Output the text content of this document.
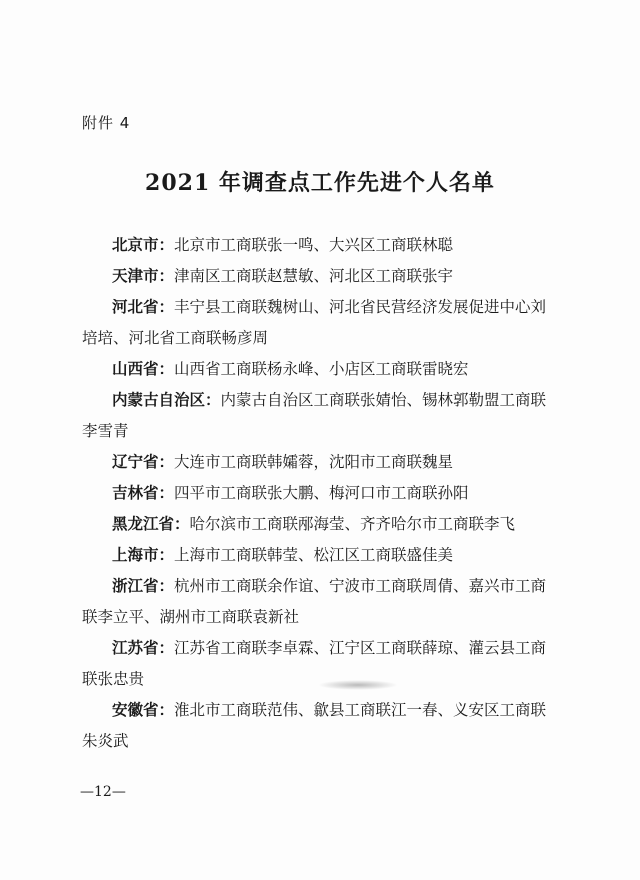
附件 4
2021 年调查点工作先进个人名单

北京市：北京市工商联张一鸣、大兴区工商联林聪

天津市：津南区工商联赵慧敏、河北区工商联张宇

河北省：丰宁县工商联魏树山、河北省民营经济发展促进中心刘培培、河北省工商联畅彦周

山西省：山西省工商联杨永峰、小店区工商联雷晓宏

内蒙古自治区：内蒙古自治区工商联张婧怡、锡林郭勒盟工商联李雪青

辽宁省：大连市工商联韩孀蓉，沈阳市工商联魏星

吉林省：四平市工商联张大鹏、梅河口市工商联孙阳

黑龙江省：哈尔滨市工商联邴海莹、齐齐哈尔市工商联李飞

上海市：上海市工商联韩莹、松江区工商联盛佳美

浙江省：杭州市工商联余作谊、宁波市工商联周倩、嘉兴市工商联李立平、湖州市工商联袁新社

江苏省：江苏省工商联李卓霖、江宁区工商联薛琼、灌云县工商联张忠贵

安徽省：淮北市工商联范伟、歙县工商联江一春、义安区工商联朱炎武

—12—
